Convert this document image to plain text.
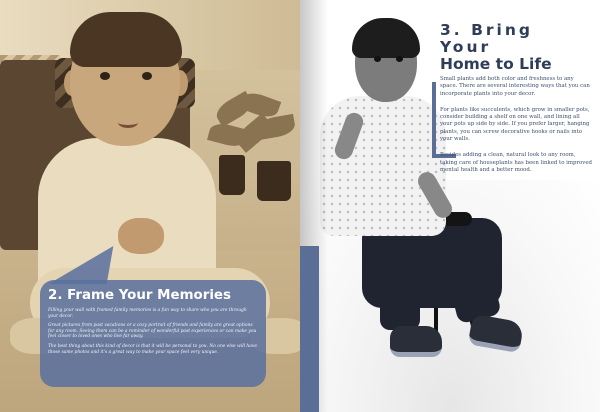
2. Frame Your Memories

Filling your wall with framed family memories is a fun way to share who you are through your decor.

Great pictures from past vacations or a cozy portrait of friends and family are great options for any room. Seeing them can be a reminder of wonderful past experiences or can make you feel closer to loved ones who live far away.

The best thing about this kind of decor is that it will be personal to you. No one else will have those same photos and it's a great way to make your space feel very unique.

3. Bring Your
Home to Life

Small plants add both color and freshness to any space. There are several interesting ways that you can incorporate plants into your decor.

For plants like succulents, which grow in smaller pots, consider building a shelf on one wall, and lining all your pots up side by side. If you prefer larger, hanging plants, you can screw decorative hooks or nails into your walls.

Besides adding a clean, natural look to any room, taking care of houseplants has been linked to improved mental health and a better mood.
